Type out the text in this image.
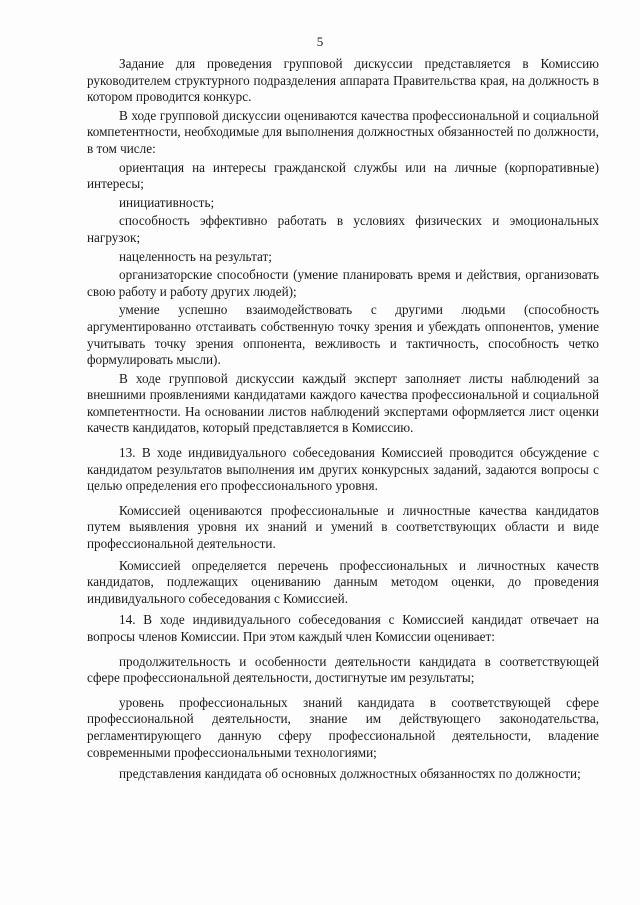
5

Задание для проведения групповой дискуссии представляется в Комиссию руководителем структурного подразделения аппарата Правительства края, на должность в котором проводится конкурс.

В ходе групповой дискуссии оцениваются качества профессиональной и социальной компетентности, необходимые для выполнения должностных обязанностей по должности, в том числе:

ориентация на интересы гражданской службы или на личные (корпоративные) интересы;

инициативность;

способность эффективно работать в условиях физических и эмоциональных нагрузок;

нацеленность на результат;

организаторские способности (умение планировать время и действия, организовать свою работу и работу других людей);

умение успешно взаимодействовать с другими людьми (способность аргументированно отстаивать собственную точку зрения и убеждать оппонентов, умение учитывать точку зрения оппонента, вежливость и тактичность, способность четко формулировать мысли).

В ходе групповой дискуссии каждый эксперт заполняет листы наблюдений за внешними проявлениями кандидатами каждого качества профессиональной и социальной компетентности. На основании листов наблюдений экспертами оформляется лист оценки качеств кандидатов, который представляется в Комиссию.

13. В ходе индивидуального собеседования Комиссией проводится обсуждение с кандидатом результатов выполнения им других конкурсных заданий, задаются вопросы с целью определения его профессионального уровня.

Комиссией оцениваются профессиональные и личностные качества кандидатов путем выявления уровня их знаний и умений в соответствующих области и виде профессиональной деятельности.

Комиссией определяется перечень профессиональных и личностных качеств кандидатов, подлежащих оцениванию данным методом оценки, до проведения индивидуального собеседования с Комиссией.

14. В ходе индивидуального собеседования с Комиссией кандидат отвечает на вопросы членов Комиссии. При этом каждый член Комиссии оценивает:

продолжительность и особенности деятельности кандидата в соответствующей сфере профессиональной деятельности, достигнутые им результаты;

уровень профессиональных знаний кандидата в соответствующей сфере профессиональной деятельности, знание им действующего законодательства, регламентирующего данную сферу профессиональной деятельности, владение современными профессиональными технологиями;

представления кандидата об основных должностных обязанностях по должности;
